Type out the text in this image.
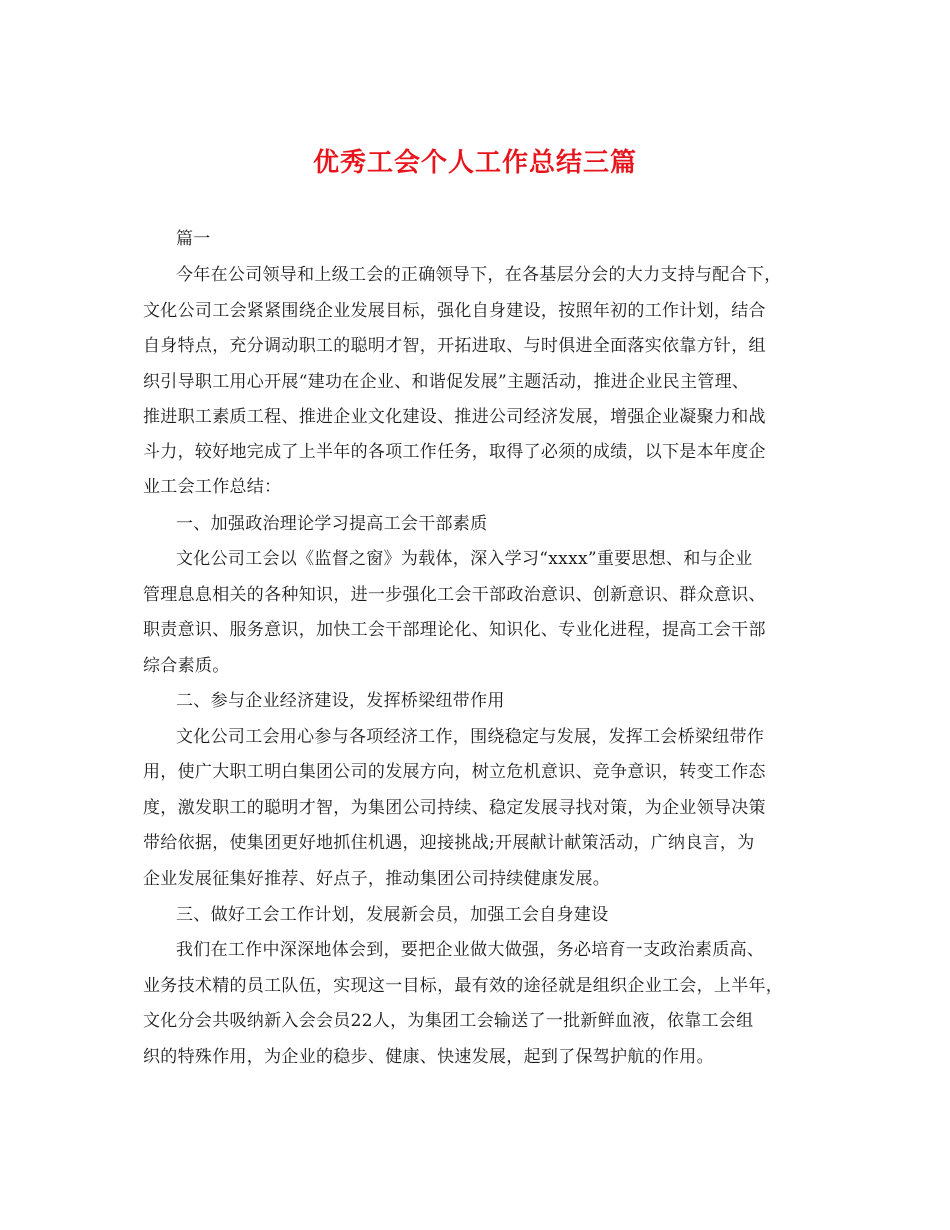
优秀工会个人工作总结三篇
篇一
今年在公司领导和上级工会的正确领导下，在各基层分会的大力支持与配合下，
文化公司工会紧紧围绕企业发展目标，强化自身建设，按照年初的工作计划，结合
自身特点，充分调动职工的聪明才智，开拓进取、与时俱进全面落实依靠方针，组
织引导职工用心开展“建功在企业、和谐促发展”主题活动，推进企业民主管理、
推进职工素质工程、推进企业文化建设、推进公司经济发展，增强企业凝聚力和战
斗力，较好地完成了上半年的各项工作任务，取得了必须的成绩，以下是本年度企
业工会工作总结：
一、加强政治理论学习提高工会干部素质
文化公司工会以《监督之窗》为载体，深入学习“xxxx”重要思想、和与企业
管理息息相关的各种知识，进一步强化工会干部政治意识、创新意识、群众意识、
职责意识、服务意识，加快工会干部理论化、知识化、专业化进程，提高工会干部
综合素质。
二、参与企业经济建设，发挥桥梁纽带作用
文化公司工会用心参与各项经济工作，围绕稳定与发展，发挥工会桥梁纽带作
用，使广大职工明白集团公司的发展方向，树立危机意识、竞争意识，转变工作态
度，激发职工的聪明才智，为集团公司持续、稳定发展寻找对策，为企业领导决策
带给依据，使集团更好地抓住机遇，迎接挑战;开展献计献策活动，广纳良言，为
企业发展征集好推荐、好点子，推动集团公司持续健康发展。
三、做好工会工作计划，发展新会员，加强工会自身建设
我们在工作中深深地体会到，要把企业做大做强，务必培育一支政治素质高、
业务技术精的员工队伍，实现这一目标，最有效的途径就是组织企业工会，上半年，
文化分会共吸纳新入会会员22人，为集团工会输送了一批新鲜血液，依靠工会组
织的特殊作用，为企业的稳步、健康、快速发展，起到了保驾护航的作用。
